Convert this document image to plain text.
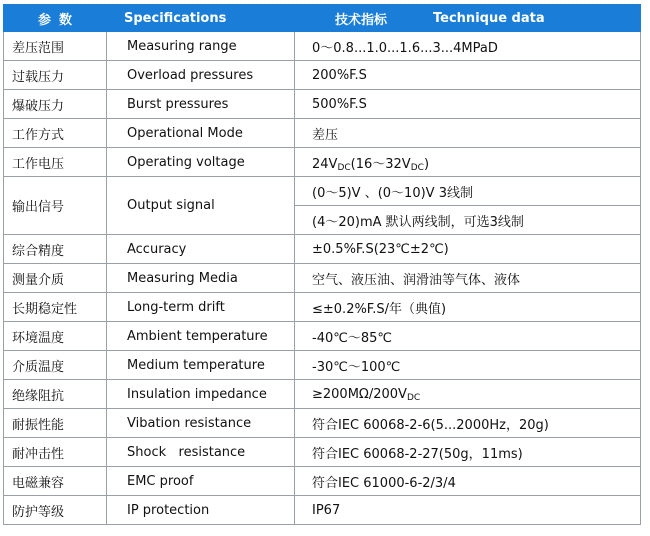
参数	Specifications	技术指标 Technique data

差压范围	Measuring range	0～0.8...1.0...1.6...3...4MPaD
过载压力	Overload pressures	200%F.S
爆破压力	Burst pressures	500%F.S
工作方式	Operational Mode	差压
工作电压	Operating voltage	$24V_{DC}(16\sim 32V_{DC})$
输出信号	Output signal	(0～5)V 、(0～10)V 3线制
		(4～20)mA 默认两线制，可选3线制
综合精度	Accuracy	±0.5%F.S(23℃±2℃)
测量介质	Measuring Media	空气、液压油、润滑油等气体、液体
长期稳定性	Long-term drift	≤±0.2%F.S/年（典值)
环境温度	Ambient temperature	-40℃～85℃
介质温度	Medium temperature	-30℃～100℃
绝缘阻抗	Insulation impedance	$\ge 200M\Omega/200V_{DC}$
耐振性能	Vibation resistance	符合IEC 60068-2-6(5...2000Hz，20g)
耐冲击性	Shock   resistance	符合IEC 60068-2-27(50g，11ms)
电磁兼容	EMC proof	符合IEC 61000-6-2/3/4
防护等级	IP protection	IP67
